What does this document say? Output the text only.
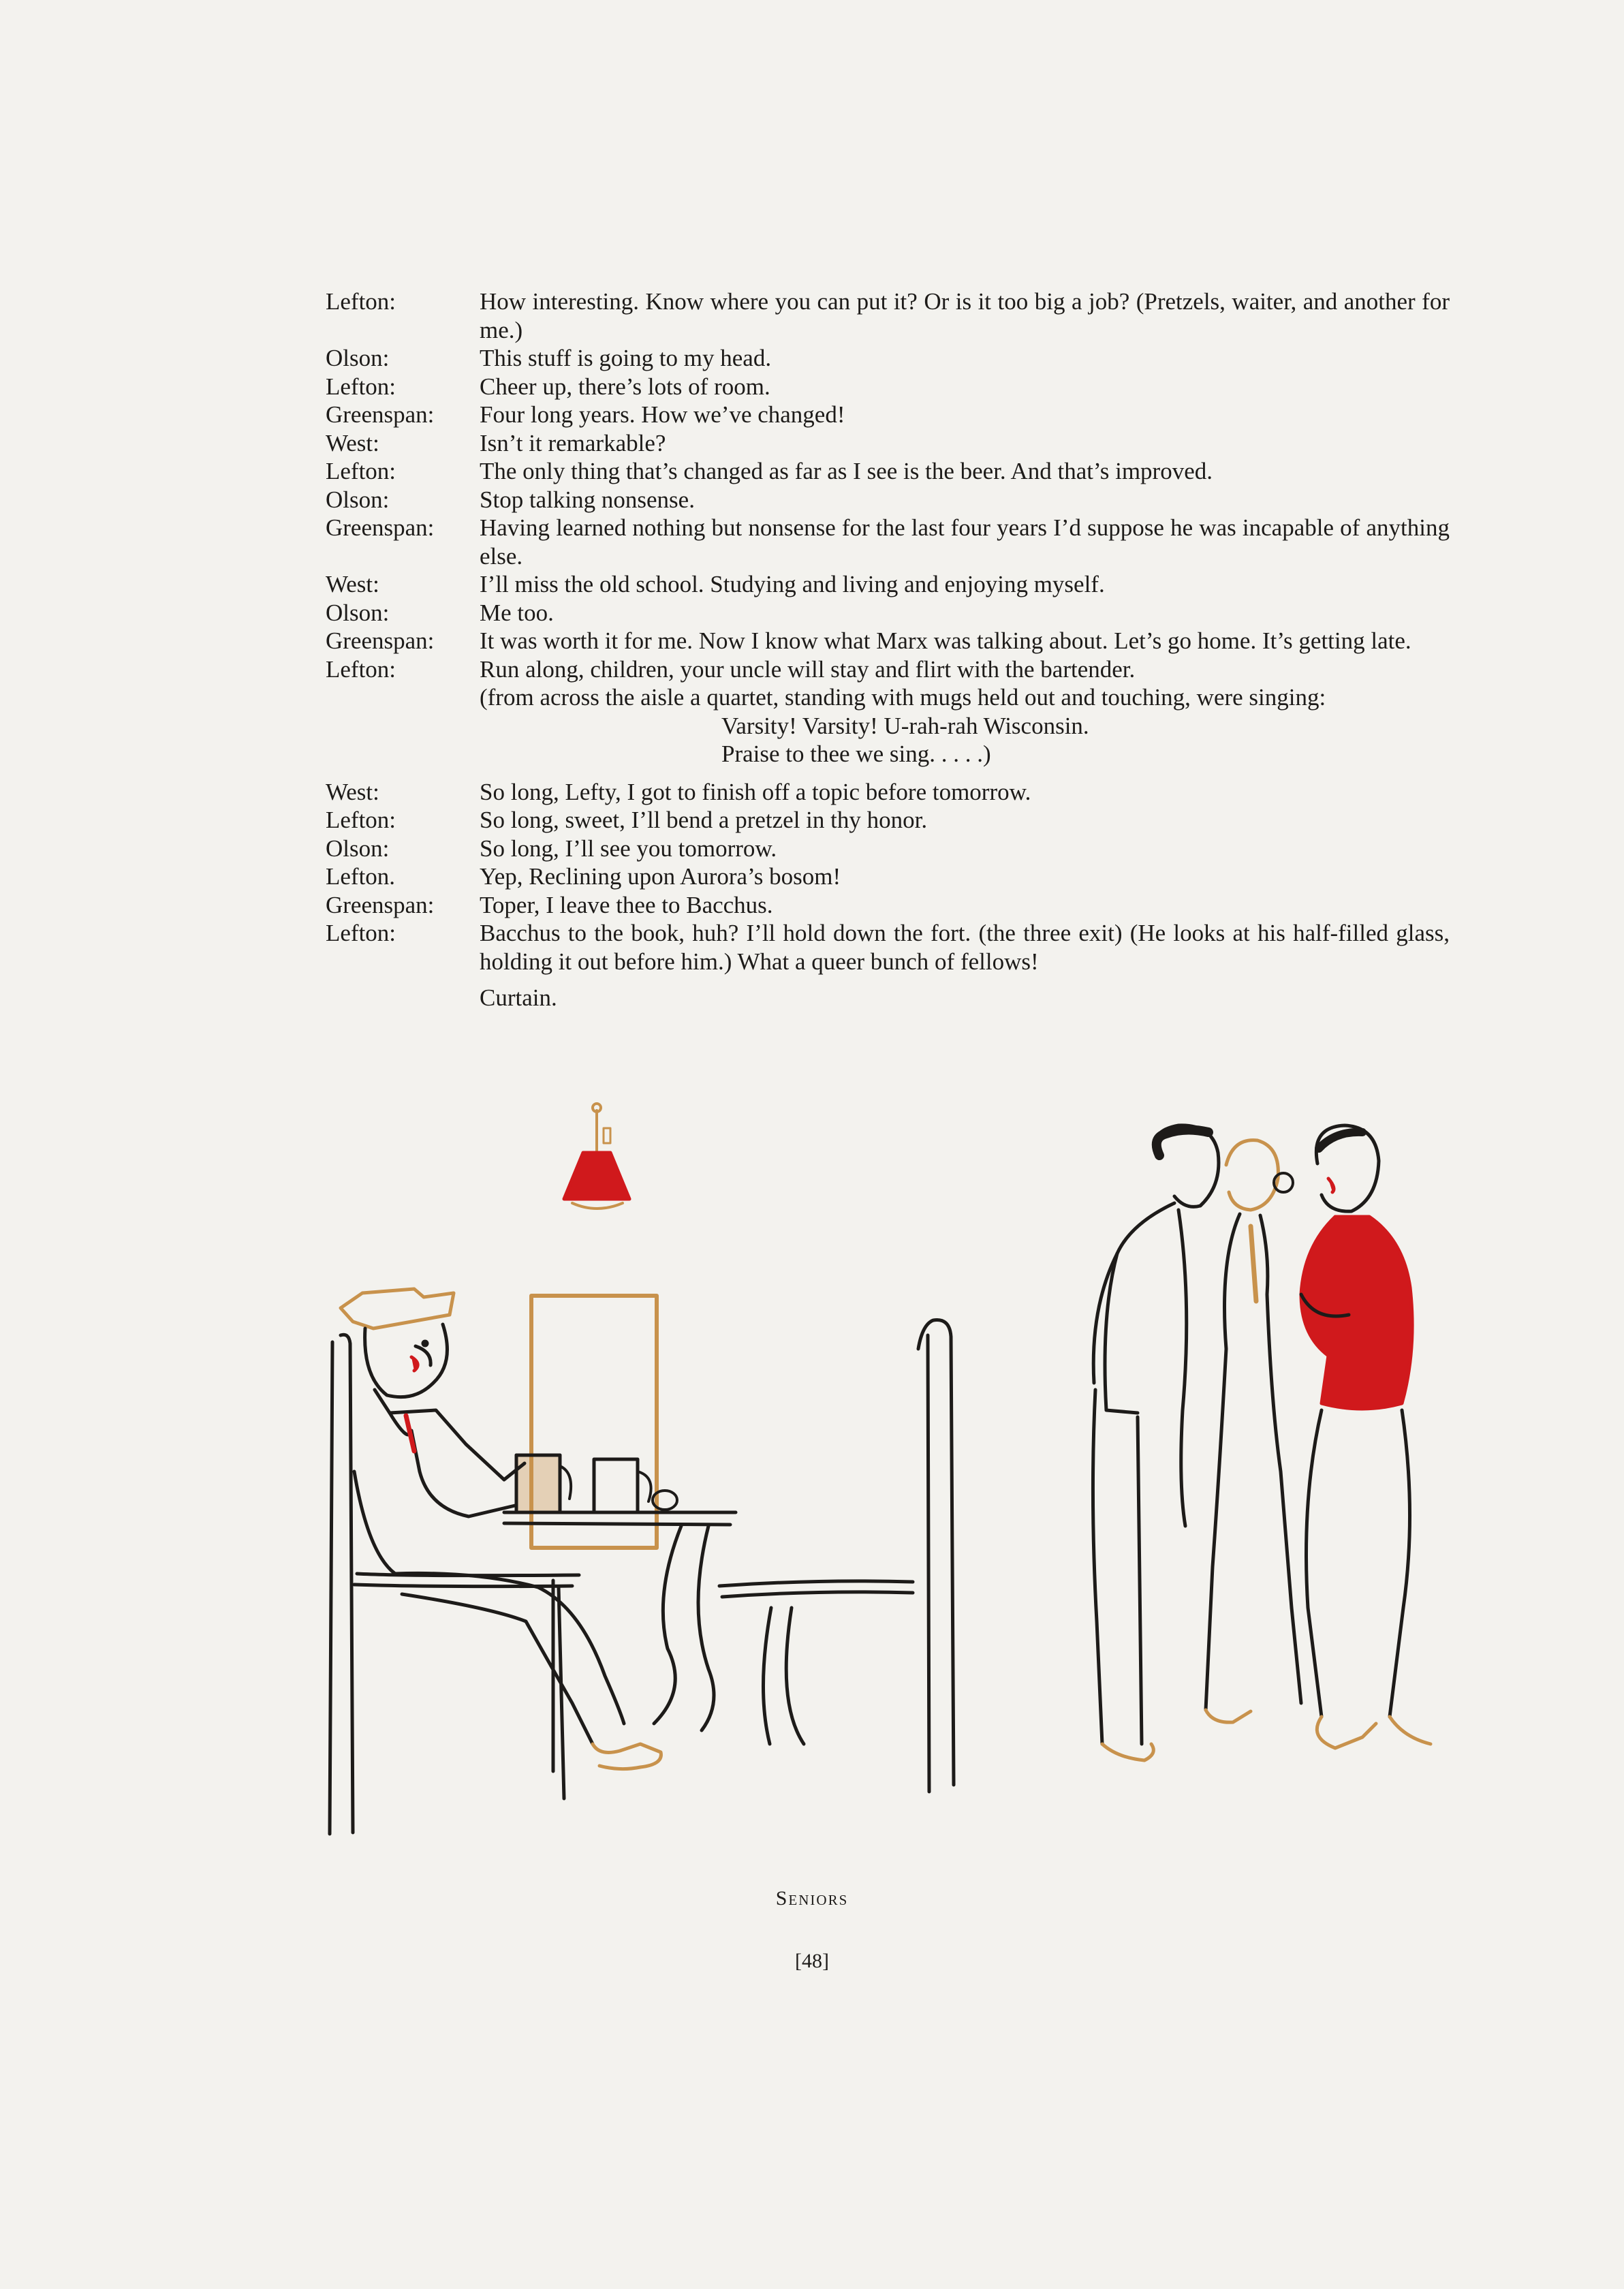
Lefton:	How interesting. Know where you can put it? Or is it too big a job? (Pretzels, waiter, and another for me.)
Olson:	This stuff is going to my head.
Lefton:	Cheer up, there’s lots of room.
Greenspan:	Four long years. How we’ve changed!
West:	Isn’t it remarkable?
Lefton:	The only thing that’s changed as far as I see is the beer. And that’s improved.
Olson:	Stop talking nonsense.
Greenspan:	Having learned nothing but nonsense for the last four years I’d suppose he was incapable of anything else.
West:	I’ll miss the old school. Studying and living and enjoying myself.
Olson:	Me too.
Greenspan:	It was worth it for me. Now I know what Marx was talking about. Let’s go home. It’s getting late.
Lefton:	Run along, children, your uncle will stay and flirt with the bartender.
(from across the aisle a quartet, standing with mugs held out and touching, were singing:
Varsity! Varsity! U-rah-rah Wisconsin.
Praise to thee we sing. . . . .)
West:	So long, Lefty, I got to finish off a topic before tomorrow.
Lefton:	So long, sweet, I’ll bend a pretzel in thy honor.
Olson:	So long, I’ll see you tomorrow.
Lefton.	Yep, Reclining upon Aurora’s bosom!
Greenspan:	Toper, I leave thee to Bacchus.
Lefton:	Bacchus to the book, huh? I’ll hold down the fort. (the three exit) (He looks at his half-filled glass, holding it out before him.) What a queer bunch of fellows!
Curtain.
Seniors
[48]
